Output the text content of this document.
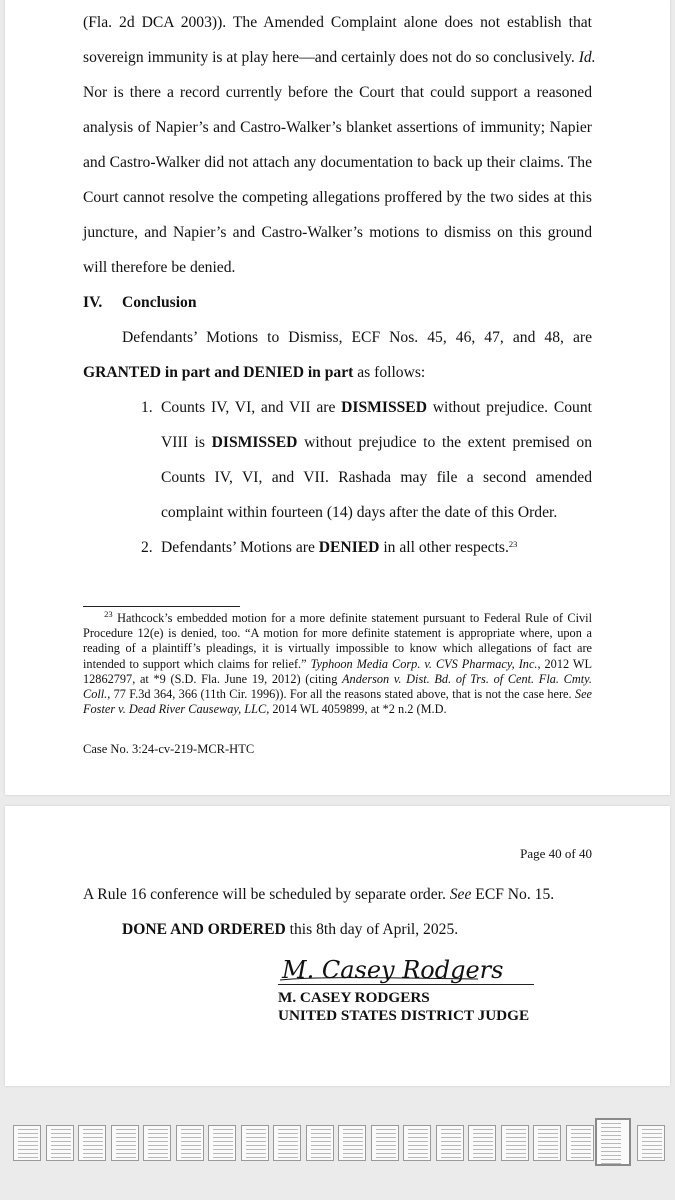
(Fla. 2d DCA 2003)). The Amended Complaint alone does not establish that
sovereign immunity is at play here—and certainly does not do so conclusively. Id.

Nor is there a record currently before the Court that could support a reasoned analysis of Napier’s and Castro-Walker’s blanket assertions of immunity; Napier and Castro-Walker did not attach any documentation to back up their claims. The Court cannot resolve the competing allegations proffered by the two sides at this juncture, and Napier’s and Castro-Walker’s motions to dismiss on this ground will therefore be denied.

IV. Conclusion
Defendants’ Motions to Dismiss, ECF Nos. 45, 46, 47, and 48, are
GRANTED in part and DENIED in part as follows:
1. Counts IV, VI, and VII are DISMISSED without prejudice. Count VIII is DISMISSED without prejudice to the extent premised on Counts IV, VI, and VII. Rashada may file a second amended complaint within fourteen (14) days after the date of this Order.
2. Defendants’ Motions are DENIED in all other respects.$^{23}$

   $^{23}$ Hathcock’s embedded motion for a more definite statement pursuant to Federal Rule of Civil Procedure 12(e) is denied, too. “A motion for more definite statement is appropriate where, upon a reading of a plaintiff’s pleadings, it is virtually impossible to know which allegations of fact are intended to support which claims for relief.” Typhoon Media Corp. v. CVS Pharmacy, Inc., 2012 WL 12862797, at *9 (S.D. Fla. June 19, 2012) (citing Anderson v. Dist. Bd. of Trs. of Cent. Fla. Cmty. Coll., 77 F.3d 364, 366 (11th Cir. 1996)). For all the reasons stated above, that is not the case here. See Foster v. Dead River Causeway, LLC, 2014 WL 4059899, at *2 n.2 (M.D.

Case No. 3:24-cv-219-MCR-HTC
Page 40 of 40
A Rule 16 conference will be scheduled by separate order. See ECF No. 15.
DONE AND ORDERED this 8th day of April, 2025.
M. Casey Rodgers
M. CASEY RODGERS
UNITED STATES DISTRICT JUDGE
